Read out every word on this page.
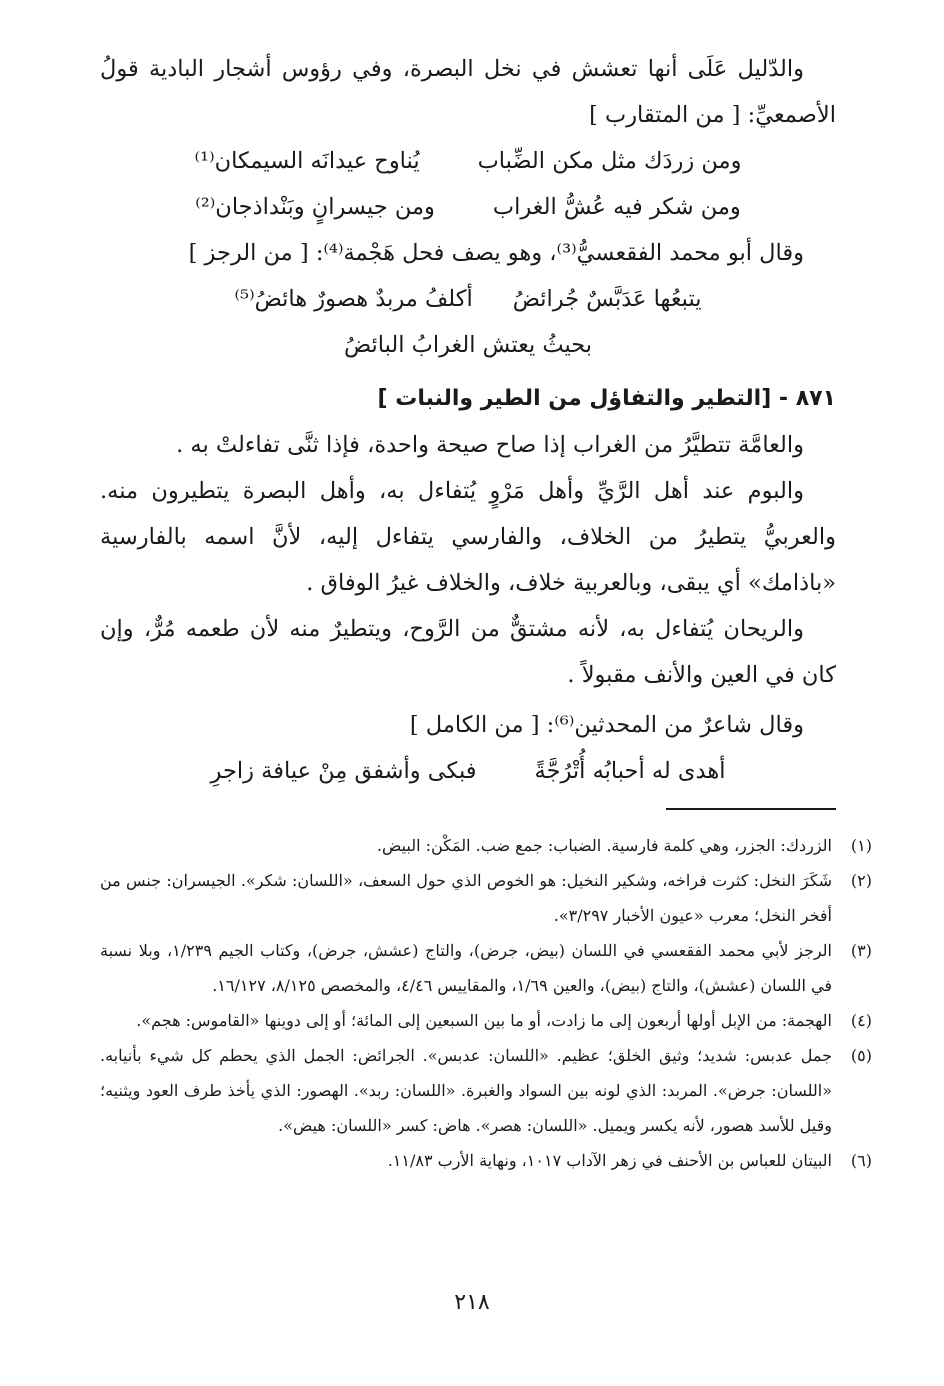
والدّليل عَلَى أنها تعشش في نخل البصرة، وفي رؤوس أشجار البادية قولُ الأصمعيِّ: [ من المتقارب ]

ومن زردَك مثل مكن الضِّباب
يُناوح عيدانَه السيمكان⁽¹⁾
ومن شكر فيه عُشُّ الغراب
ومن جيسرانٍ وبَنْداذجان⁽²⁾

وقال أبو محمد الفقعسيُّ⁽³⁾، وهو يصف فحل هَجْمة⁽⁴⁾: [ من الرجز ]

يتبعُها عَدَبَّسٌ جُرائضُ
أكلفُ مربدٌ هصورٌ هائضُ⁽⁵⁾
بحيثُ يعتش الغرابُ البائضُ
٨٧١ - [التطير والتفاؤل من الطير والنبات ]

والعامَّة تتطيَّرُ من الغراب إذا صاح صيحة واحدة، فإذا ثنَّى تفاءلتْ به .

والبوم عند أهل الرَّيِّ وأهل مَرْوٍ يُتفاءل به، وأهل البصرة يتطيرون منه. والعربيُّ يتطيرُ من الخلاف، والفارسي يتفاءل إليه، لأنَّ اسمه بالفارسية «باذامك» أي يبقى، وبالعربية خلاف، والخلاف غيرُ الوفاق .

والريحان يُتفاءل به، لأنه مشتقٌّ من الرَّوح، ويتطيرٌ منه لأن طعمه مُرٌّ، وإن كان في العين والأنف مقبولاً .

وقال شاعرٌ من المحدثين⁽⁶⁾: [ من الكامل ]

أهدى له أحبابُه أُتْرُجَّةً
فبكى وأشفق مِنْ عيافة زاجرِ
(١)
الزردك: الجزر، وهي كلمة فارسية. الضباب: جمع ضب. المَكْن: البيض.
(٢)
شَكَرَ النخل: كثرت فراخه، وشكير النخيل: هو الخوص الذي حول السعف، «اللسان: شكر». الجيسران: جنس من أفخر النخل؛ معرب «عيون الأخبار ٣/٢٩٧».
(٣)
الرجز لأبي محمد الفقعسي في اللسان (بيض، جرض)، والتاج (عشش، جرض)، وكتاب الجيم ١/٢٣٩، وبلا نسبة في اللسان (عشش)، والتاج (بيض)، والعين ١/٦٩، والمقاييس ٤/٤٦، والمخصص ٨/١٢٥، ١٦/١٢٧.
(٤)
الهجمة: من الإبل أولها أربعون إلى ما زادت، أو ما بين السبعين إلى المائة؛ أو إلى دوينها «القاموس: هجم».
(٥)
جمل عدبس: شديد؛ وثيق الخلق؛ عظيم. «اللسان: عدبس». الجرائض: الجمل الذي يحطم كل شيء بأنيابه. «اللسان: جرض». المربد: الذي لونه بين السواد والغبرة. «اللسان: ربد». الهصور: الذي يأخذ طرف العود ويثنيه؛ وقيل للأسد هصور، لأنه يكسر ويميل. «اللسان: هصر». هاض: كسر «اللسان: هيض».
(٦)
البيتان للعباس بن الأحنف في زهر الآداب ١٠١٧، ونهاية الأرب ١١/٨٣.
٢١٨
